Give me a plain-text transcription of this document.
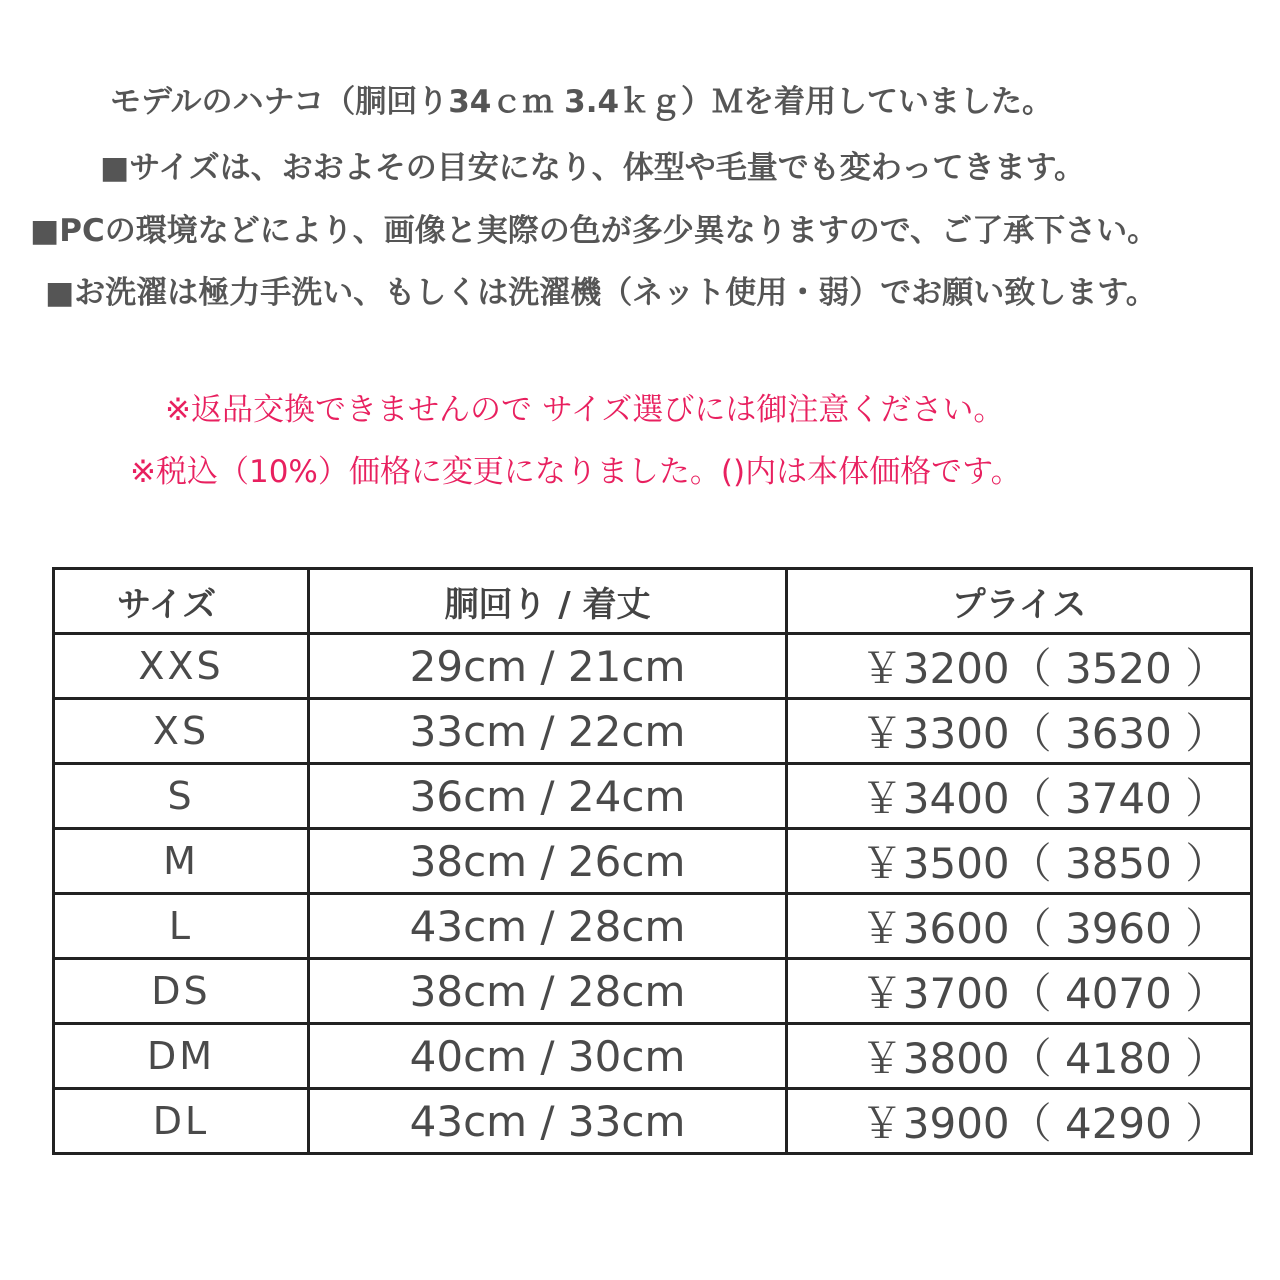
モデルのハナコ（胴回り34ｃｍ 3.4ｋｇ）Ｍを着用していました。
■サイズは、おおよその目安になり、体型や毛量でも変わってきます。
■PCの環境などにより、画像と実際の色が多少異なりますので、ご了承下さい。
■お洗濯は極力手洗い、もしくは洗濯機（ネット使用・弱）でお願い致します。
※返品交換できませんので サイズ選びには御注意ください。
※税込（10%）価格に変更になりました。()内は本体価格です。
サイズ	胴回り / 着丈	プライス
XXS	29cm / 21cm	￥3200（ 3520 ）
XS	33cm / 22cm	￥3300（ 3630 ）
S	36cm / 24cm	￥3400（ 3740 ）
M	38cm / 26cm	￥3500（ 3850 ）
L	43cm / 28cm	￥3600（ 3960 ）
DS	38cm / 28cm	￥3700（ 4070 ）
DM	40cm / 30cm	￥3800（ 4180 ）
DL	43cm / 33cm	￥3900（ 4290 ）
